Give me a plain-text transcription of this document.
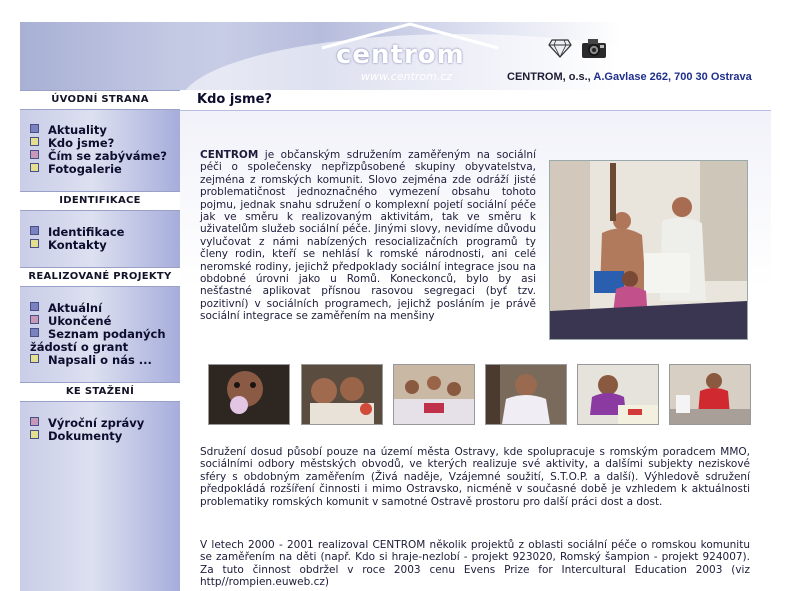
centrom
www.centrom.cz	CENTROM, o.s., A.Gavlase 262, 700 30 Ostrava
ÚVODNÍ STRANA
Aktuality
Kdo jsme?
Čím se zabýváme?
Fotogalerie
IDENTIFIKACE
Identifikace
Kontakty
REALIZOVANÉ PROJEKTY
Aktuální
Ukončené
Seznam podaných žádostí o grant
Napsali o nás ...
KE STAŽENÍ
Výroční zprávy
Dokumenty
Kdo jsme?
CENTROM je občanským sdružením zaměřeným na sociální péči o společensky nepřizpůsobené skupiny obyvatelstva, zejména z romských komunit. Slovo zejména zde odráží jisté problematičnost jednoznačného vymezení obsahu tohoto pojmu, jednak snahu sdružení o komplexní pojetí sociální péče jak ve směru k realizovaným aktivitám, tak ve směru k uživatelům služeb sociální péče. Jinými slovy, nevidíme důvodu vylučovat z námi nabízených resocializačních programů ty členy rodin, kteří se nehlásí k romské národnosti, ani celé neromské rodiny, jejichž předpoklady sociální integrace jsou na obdobné úrovni jako u Romů. Koneckonců, bylo by asi nešťastné aplikovat přísnou rasovou segregaci (byť tzv. pozitivní) v sociálních programech, jejichž posláním je právě sociální integrace se zaměřením na menšiny
Sdružení dosud působí pouze na území města Ostravy, kde spolupracuje s romským poradcem MMO, sociálními odbory městských obvodů, ve kterých realizuje své aktivity, a dalšími subjekty neziskové sféry s obdobným zaměřením (Živá naděje, Vzájemné soužití, S.T.O.P. a další). Výhledově sdružení předpokládá rozšíření činnosti i mimo Ostravsko, nicméně v současné době je vzhledem k aktuálnosti problematiky romských komunit v samotné Ostravě prostoru pro další práci dost a dost.
V letech 2000 - 2001 realizoval CENTROM několik projektů z oblasti sociální péče o romskou komunitu se zaměřením na děti (např. Kdo si hraje-nezlobí - projekt 923020, Romský šampion - projekt 924007). Za tuto činnost obdržel v roce 2003 cenu Evens Prize for Intercultural Education 2003 (viz http//rompien.euweb.cz)
